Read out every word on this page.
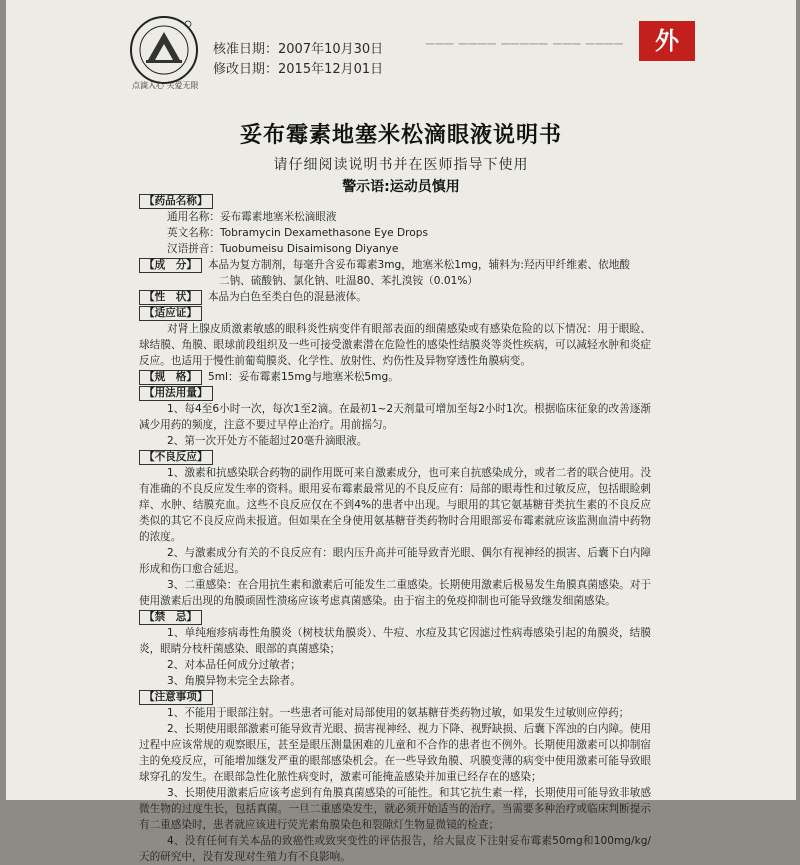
▁▁▁ ▁▁▁▁ ▁▁▁▁▁ ▁▁▁ ▁▁▁▁
点滴入心 关爱无限
核准日期：2007年10月30日
修改日期：2015年12月01日
外
妥布霉素地塞米松滴眼液说明书
请仔细阅读说明书并在医师指导下使用
警示语:运动员慎用
【药品名称】
通用名称：妥布霉素地塞米松滴眼液
英文名称：Tobramycin Dexamethasone Eye Drops
汉语拼音：Tuobumeisu Disaimisong Diyanye
【成　分】 本品为复方制剂，每毫升含妥布霉素3mg，地塞米松1mg，辅料为:羟丙甲纤维素、依地酸
二钠、硫酸钠、氯化钠、吐温80、苯扎溴铵（0.01%）
【性　状】 本品为白色至类白色的混悬液体。
【适应证】
对肾上腺皮质激素敏感的眼科炎性病变伴有眼部表面的细菌感染或有感染危险的以下情况：用于眼睑、球结膜、角膜、眼球前段组织及一些可接受激素潜在危险性的感染性结膜炎等炎性疾病，可以减轻水肿和炎症反应。也适用于慢性前葡萄膜炎、化学性、放射性、灼伤性及异物穿透性角膜病变。
【规　格】 5ml：妥布霉素15mg与地塞米松5mg。
【用法用量】
1、每4至6小时一次，每次1至2滴。在最初1~2天剂量可增加至每2小时1次。根据临床征象的改善逐渐减少用药的频度，注意不要过早停止治疗。用前摇匀。
2、第一次开处方不能超过20毫升滴眼液。
【不良反应】
1、激素和抗感染联合药物的副作用既可来自激素成分，也可来自抗感染成分，或者二者的联合使用。没有准确的不良反应发生率的资料。眼用妥布霉素最常见的不良反应有：局部的眼毒性和过敏反应，包括眼睑刺痒、水肿、结膜充血。这些不良反应仅在不到4%的患者中出现。与眼用的其它氨基糖苷类抗生素的不良反应类似的其它不良反应尚未报道。但如果在全身使用氨基糖苷类药物时合用眼部妥布霉素就应该监测血清中药物的浓度。
2、与激素成分有关的不良反应有：眼内压升高并可能导致青光眼、偶尔有视神经的损害、后囊下白内障形成和伤口愈合延迟。
3、二重感染：在合用抗生素和激素后可能发生二重感染。长期使用激素后极易发生角膜真菌感染。对于使用激素后出现的角膜顽固性溃疡应该考虑真菌感染。由于宿主的免疫抑制也可能导致继发细菌感染。
【禁　忌】
1、单纯疱疹病毒性角膜炎（树枝状角膜炎）、牛痘、水痘及其它因滤过性病毒感染引起的角膜炎，结膜炎，眼睛分枝杆菌感染、眼部的真菌感染；
2、对本品任何成分过敏者；
3、角膜异物未完全去除者。
【注意事项】
1、不能用于眼部注射。一些患者可能对局部使用的氨基糖苷类药物过敏，如果发生过敏则应停药；
2、长期使用眼部激素可能导致青光眼、损害视神经、视力下降、视野缺损、后囊下浑浊的白内障。使用过程中应该常规的观察眼压，甚至是眼压测量困难的儿童和不合作的患者也不例外。长期使用激素可以抑制宿主的免疫反应，可能增加继发严重的眼部感染机会。在一些导致角膜、巩膜变薄的病变中使用激素可能导致眼球穿孔的发生。在眼部急性化脓性病变时，激素可能掩盖感染并加重已经存在的感染；
3、长期使用激素后应该考虑到有角膜真菌感染的可能性。和其它抗生素一样，长期使用可能导致非敏感微生物的过度生长，包括真菌。一旦二重感染发生，就必须开始适当的治疗。当需要多种治疗或临床判断提示有二重感染时，患者就应该进行荧光素角膜染色和裂隙灯生物显微镜的检查；
4、没有任何有关本品的致癌性或致突变性的评估报告，给大鼠皮下注射妥布霉素50mg和100mg/kg/天的研究中，没有发现对生殖力有不良影响。
